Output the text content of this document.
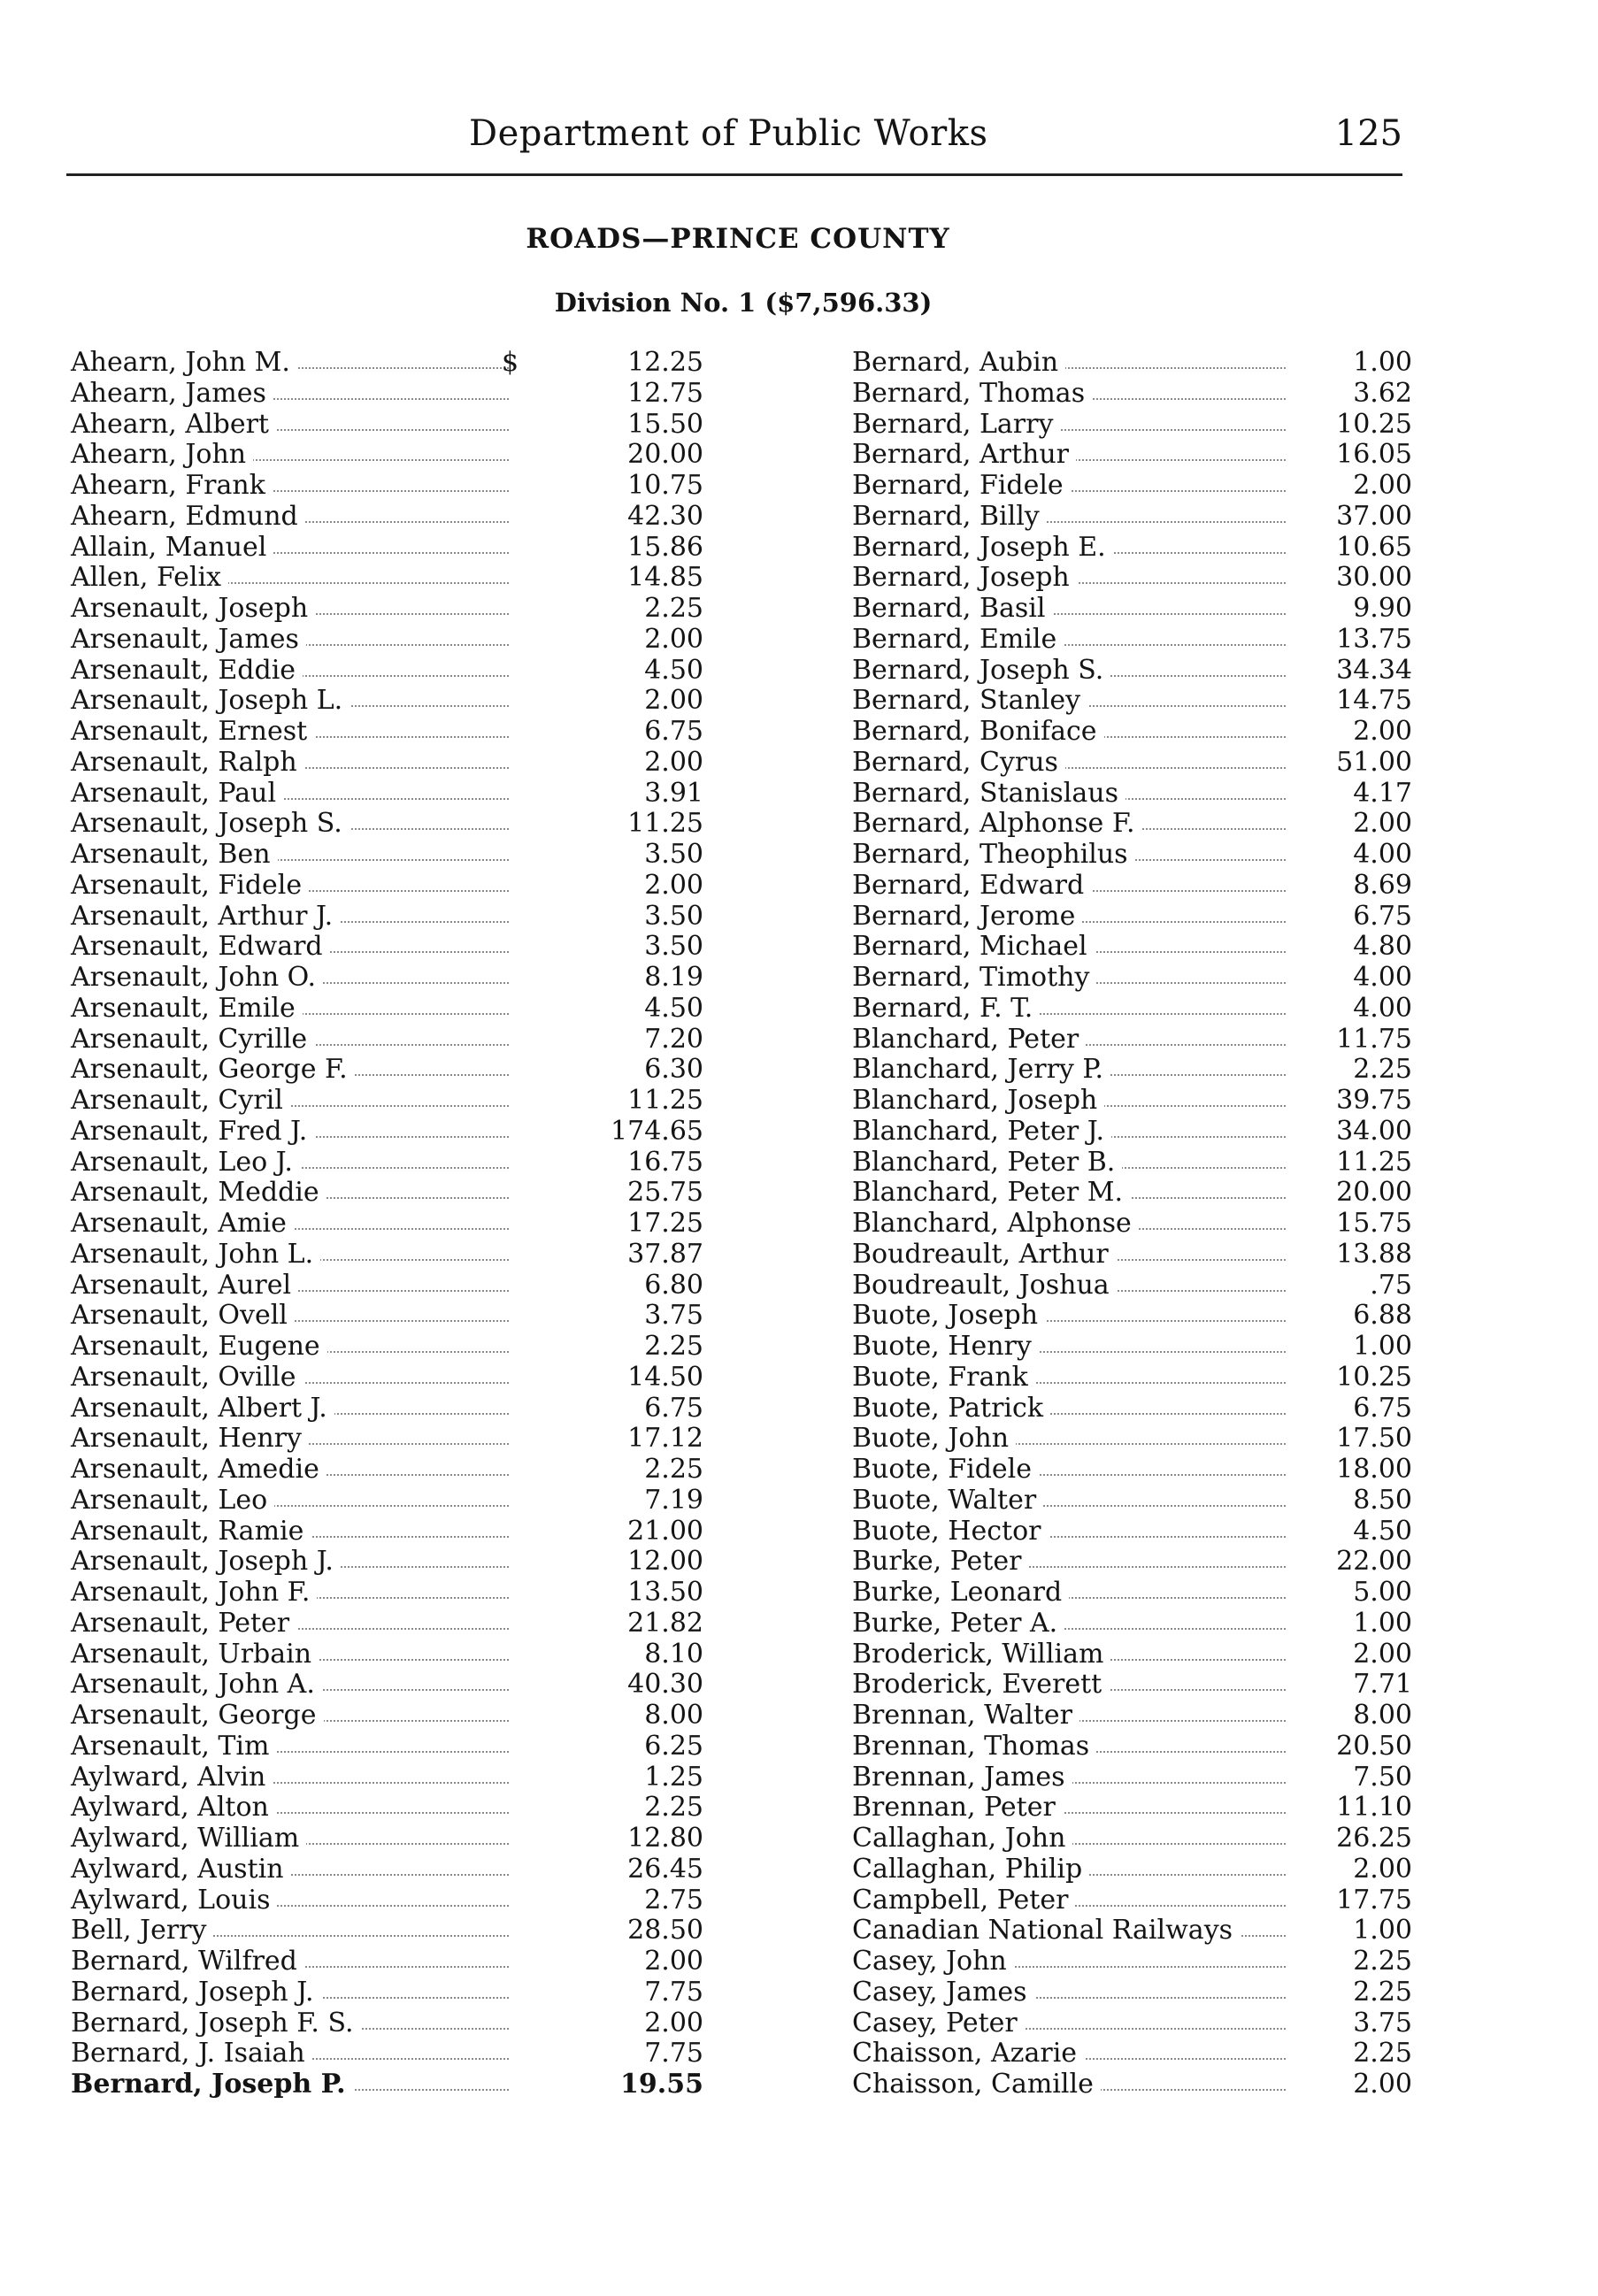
Department of Public Works	125
ROADS—PRINCE COUNTY
Division No. 1 ($7,596.33)
Ahearn, John M.	$	12.25
Ahearn, James	12.75
Ahearn, Albert	15.50
Ahearn, John	20.00
Ahearn, Frank	10.75
Ahearn, Edmund	42.30
Allain, Manuel	15.86
Allen, Felix	14.85
Arsenault, Joseph	2.25
Arsenault, James	2.00
Arsenault, Eddie	4.50
Arsenault, Joseph L.	2.00
Arsenault, Ernest	6.75
Arsenault, Ralph	2.00
Arsenault, Paul	3.91
Arsenault, Joseph S.	11.25
Arsenault, Ben	3.50
Arsenault, Fidele	2.00
Arsenault, Arthur J.	3.50
Arsenault, Edward	3.50
Arsenault, John O.	8.19
Arsenault, Emile	4.50
Arsenault, Cyrille	7.20
Arsenault, George F.	6.30
Arsenault, Cyril	11.25
Arsenault, Fred J.	174.65
Arsenault, Leo J.	16.75
Arsenault, Meddie	25.75
Arsenault, Amie	17.25
Arsenault, John L.	37.87
Arsenault, Aurel	6.80
Arsenault, Ovell	3.75
Arsenault, Eugene	2.25
Arsenault, Oville	14.50
Arsenault, Albert J.	6.75
Arsenault, Henry	17.12
Arsenault, Amedie	2.25
Arsenault, Leo	7.19
Arsenault, Ramie	21.00
Arsenault, Joseph J.	12.00
Arsenault, John F.	13.50
Arsenault, Peter	21.82
Arsenault, Urbain	8.10
Arsenault, John A.	40.30
Arsenault, George	8.00
Arsenault, Tim	6.25
Aylward, Alvin	1.25
Aylward, Alton	2.25
Aylward, William	12.80
Aylward, Austin	26.45
Aylward, Louis	2.75
Bell, Jerry	28.50
Bernard, Wilfred	2.00
Bernard, Joseph J.	7.75
Bernard, Joseph F. S.	2.00
Bernard, J. Isaiah	7.75
Bernard, Joseph P.	19.55
Bernard, Aubin	1.00
Bernard, Thomas	3.62
Bernard, Larry	10.25
Bernard, Arthur	16.05
Bernard, Fidele	2.00
Bernard, Billy	37.00
Bernard, Joseph E.	10.65
Bernard, Joseph	30.00
Bernard, Basil	9.90
Bernard, Emile	13.75
Bernard, Joseph S.	34.34
Bernard, Stanley	14.75
Bernard, Boniface	2.00
Bernard, Cyrus	51.00
Bernard, Stanislaus	4.17
Bernard, Alphonse F.	2.00
Bernard, Theophilus	4.00
Bernard, Edward	8.69
Bernard, Jerome	6.75
Bernard, Michael	4.80
Bernard, Timothy	4.00
Bernard, F. T.	4.00
Blanchard, Peter	11.75
Blanchard, Jerry P.	2.25
Blanchard, Joseph	39.75
Blanchard, Peter J.	34.00
Blanchard, Peter B.	11.25
Blanchard, Peter M.	20.00
Blanchard, Alphonse	15.75
Boudreault, Arthur	13.88
Boudreault, Joshua	.75
Buote, Joseph	6.88
Buote, Henry	1.00
Buote, Frank	10.25
Buote, Patrick	6.75
Buote, John	17.50
Buote, Fidele	18.00
Buote, Walter	8.50
Buote, Hector	4.50
Burke, Peter	22.00
Burke, Leonard	5.00
Burke, Peter A.	1.00
Broderick, William	2.00
Broderick, Everett	7.71
Brennan, Walter	8.00
Brennan, Thomas	20.50
Brennan, James	7.50
Brennan, Peter	11.10
Callaghan, John	26.25
Callaghan, Philip	2.00
Campbell, Peter	17.75
Canadian National Railways	1.00
Casey, John	2.25
Casey, James	2.25
Casey, Peter	3.75
Chaisson, Azarie	2.25
Chaisson, Camille	2.00
